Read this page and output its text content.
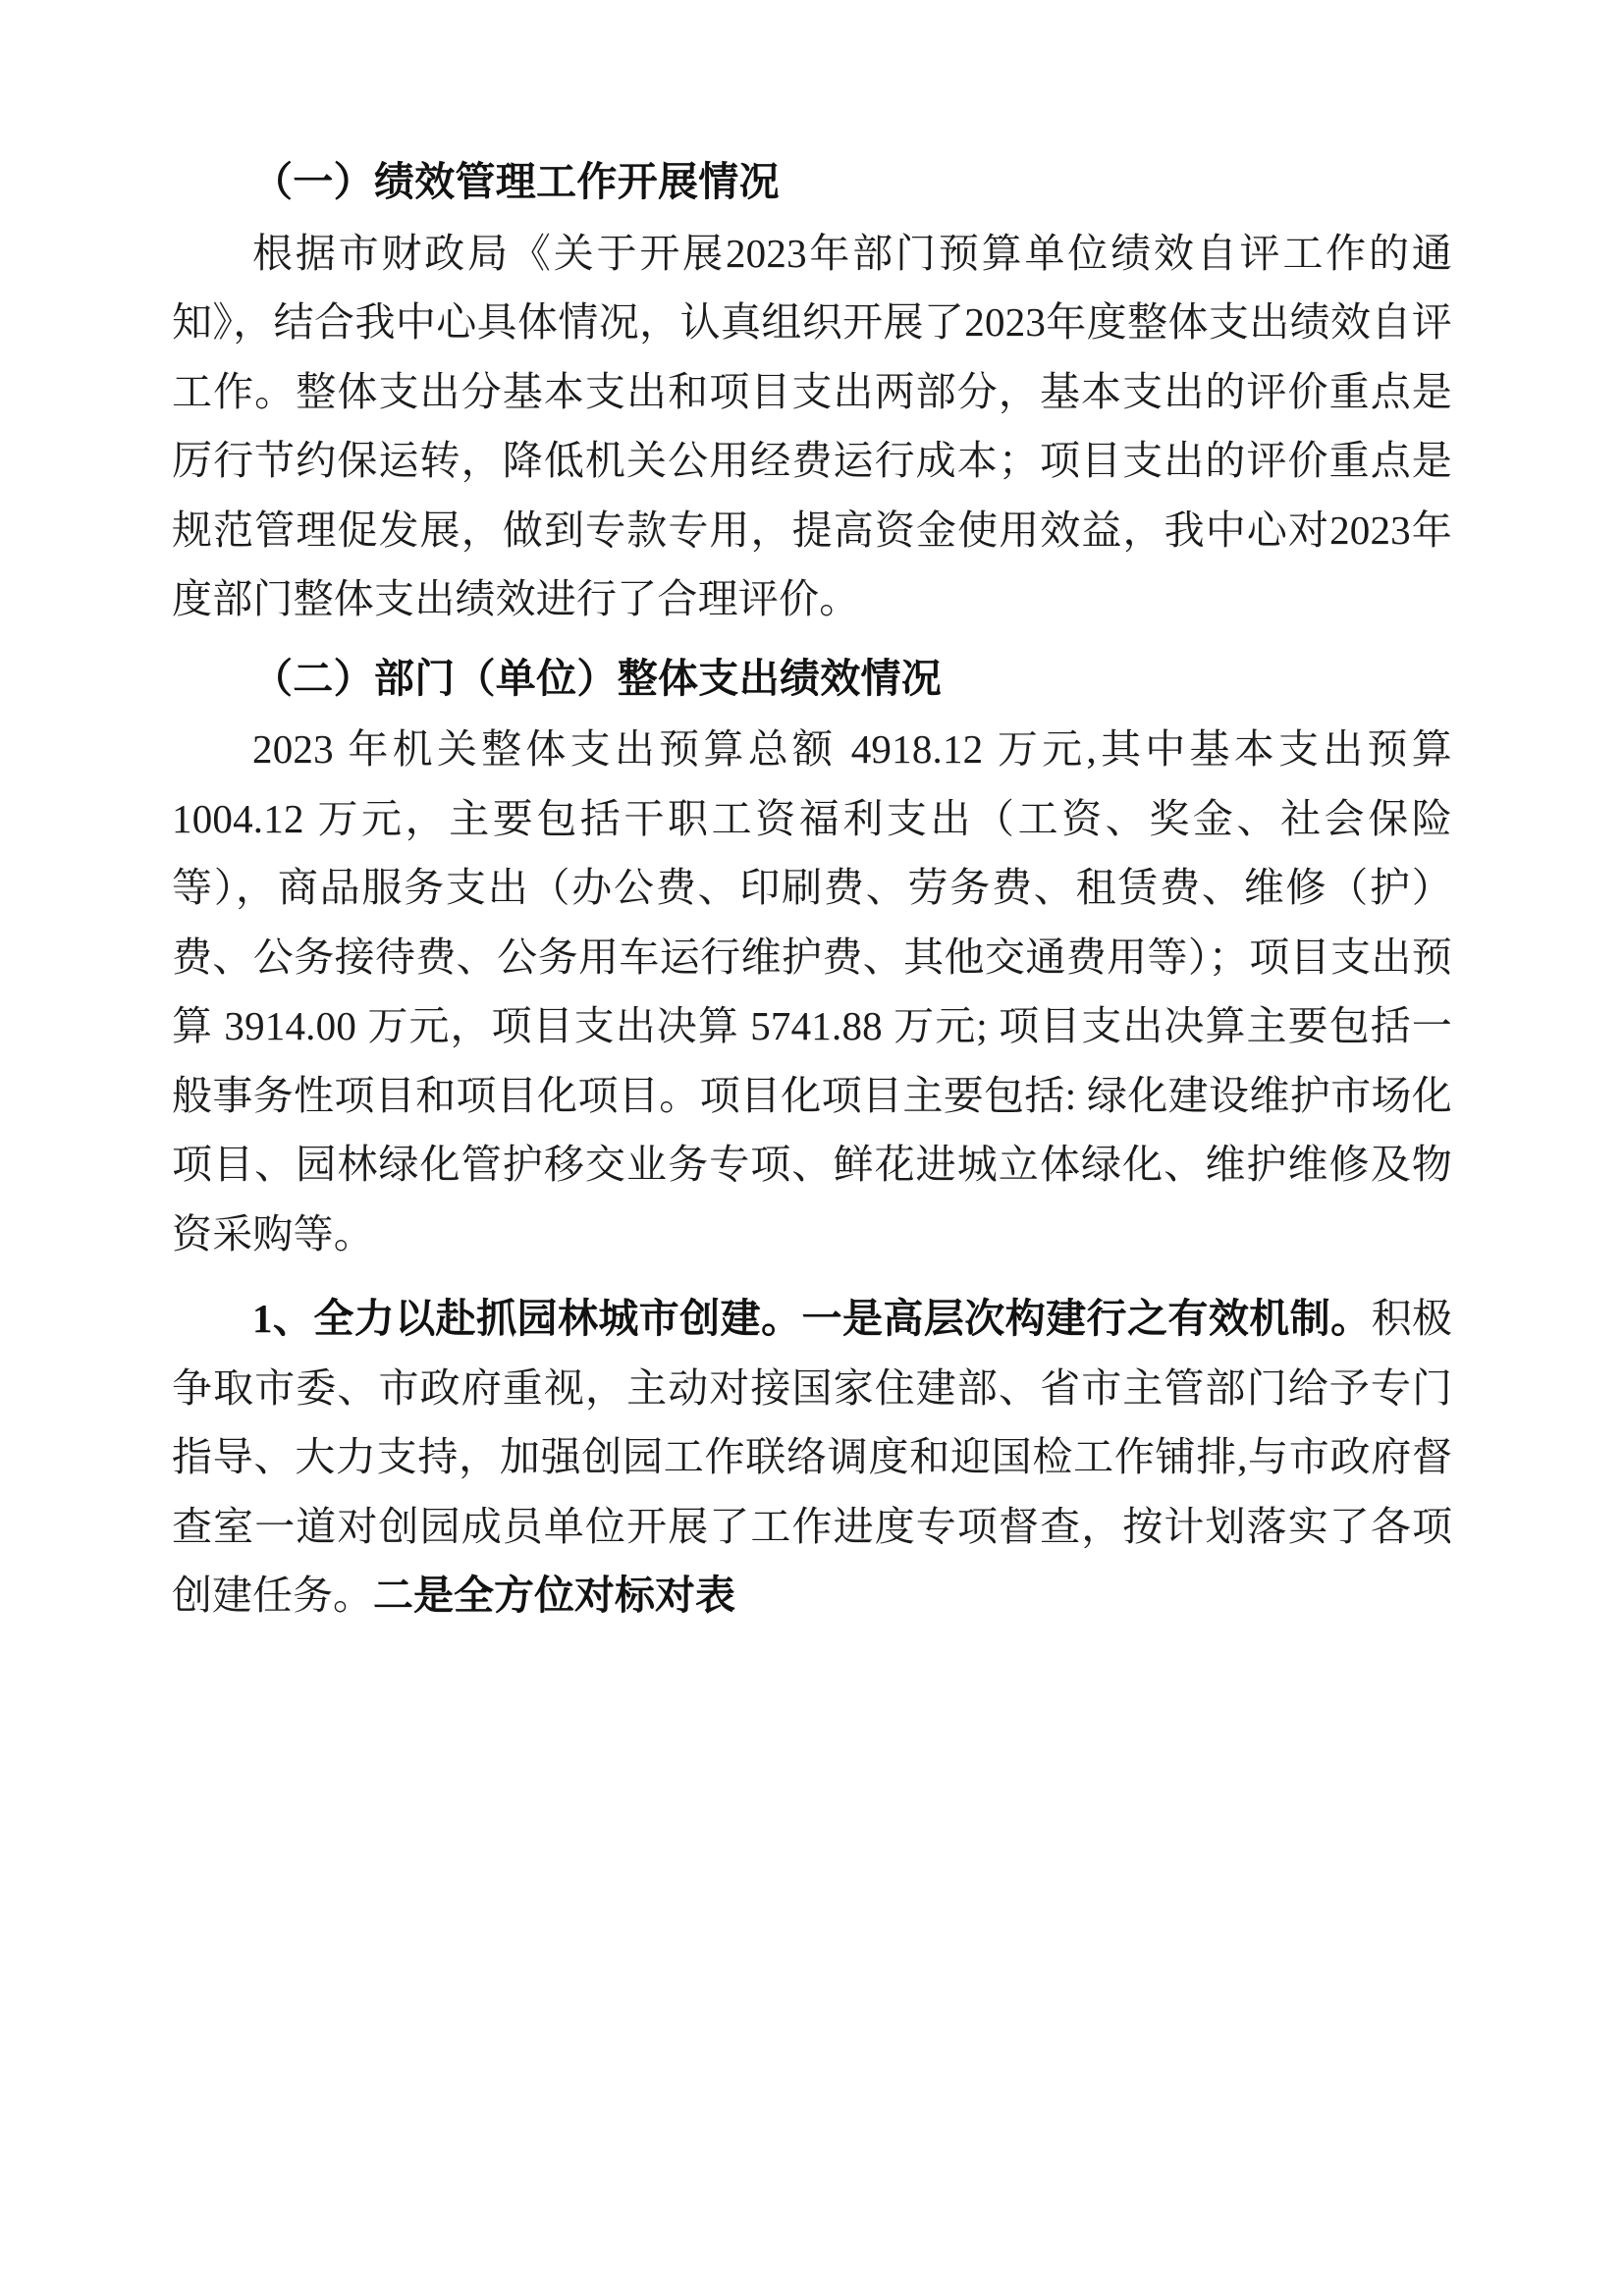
（一）绩效管理工作开展情况
根据市财政局《关于开展2023年部门预算单位绩效自评工作的通知》，结合我中心具体情况，认真组织开展了2023年度整体支出绩效自评工作。整体支出分基本支出和项目支出两部分，基本支出的评价重点是厉行节约保运转，降低机关公用经费运行成本；项目支出的评价重点是规范管理促发展，做到专款专用，提高资金使用效益，我中心对2023年度部门整体支出绩效进行了合理评价。
（二）部门（单位）整体支出绩效情况
2023 年机关整体支出预算总额 4918.12 万元,其中基本支出预算 1004.12 万元，主要包括干职工资福利支出（工资、奖金、社会保险等），商品服务支出（办公费、印刷费、劳务费、租赁费、维修（护）费、公务接待费、公务用车运行维护费、其他交通费用等）；项目支出预算 3914.00 万元，项目支出决算 5741.88 万元; 项目支出决算主要包括一般事务性项目和项目化项目。项目化项目主要包括: 绿化建设维护市场化项目、园林绿化管护移交业务专项、鲜花进城立体绿化、维护维修及物资采购等。

1、全力以赴抓园林城市创建。一是高层次构建行之有效机制。积极争取市委、市政府重视，主动对接国家住建部、省市主管部门给予专门指导、大力支持，加强创园工作联络调度和迎国检工作铺排,与市政府督查室一道对创园成员单位开展了工作进度专项督查，按计划落实了各项创建任务。二是全方位对标对表
